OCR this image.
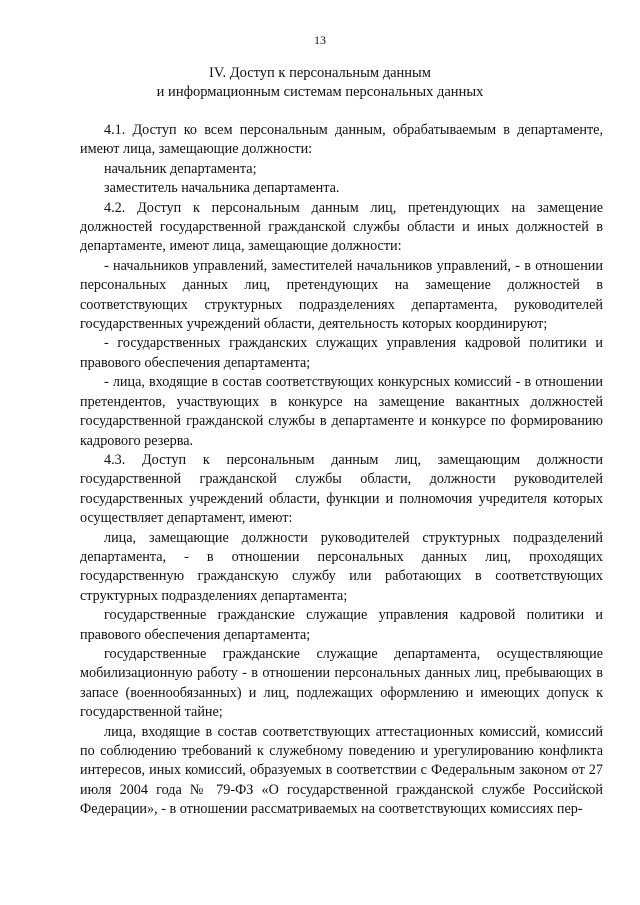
13
IV. Доступ к персональным данным
и информационным системам персональных данных

4.1. Доступ ко всем персональным данным, обрабатываемым в департаменте, имеют лица, замещающие должности:

начальник департамента;

заместитель начальника департамента.

4.2. Доступ к персональным данным лиц, претендующих на замещение должностей государственной гражданской службы области и иных должностей в департаменте, имеют лица, замещающие должности:

- начальников управлений, заместителей начальников управлений, - в отношении персональных данных лиц, претендующих на замещение должностей в соответствующих структурных подразделениях департамента, руководителей государственных учреждений области, деятельность которых координируют;

- государственных гражданских служащих управления кадровой политики и правового обеспечения департамента;

- лица, входящие в состав соответствующих конкурсных комиссий - в отношении претендентов, участвующих в конкурсе на замещение вакантных должностей государственной гражданской службы в департаменте и конкурсе по формированию кадрового резерва.

4.3. Доступ к персональным данным лиц, замещающим должности государственной гражданской службы области, должности руководителей государственных учреждений области, функции и полномочия учредителя которых осуществляет департамент, имеют:

лица, замещающие должности руководителей структурных подразделений департамента, - в отношении персональных данных лиц, проходящих государственную гражданскую службу или работающих в соответствующих структурных подразделениях департамента;

государственные гражданские служащие управления кадровой политики и правового обеспечения департамента;

государственные гражданские служащие департамента, осуществляющие мобилизационную работу - в отношении персональных данных лиц, пребывающих в запасе (военнообязанных) и лиц, подлежащих оформлению и имеющих допуск к государственной тайне;

лица, входящие в состав соответствующих аттестационных комиссий, комиссий по соблюдению требований к служебному поведению и урегулированию конфликта интересов, иных комиссий, образуемых в соответствии с Федеральным законом от 27 июля 2004 года № 79-ФЗ «О государственной гражданской службе Российской Федерации», - в отношении рассматриваемых на соответствующих комиссиях пер-
